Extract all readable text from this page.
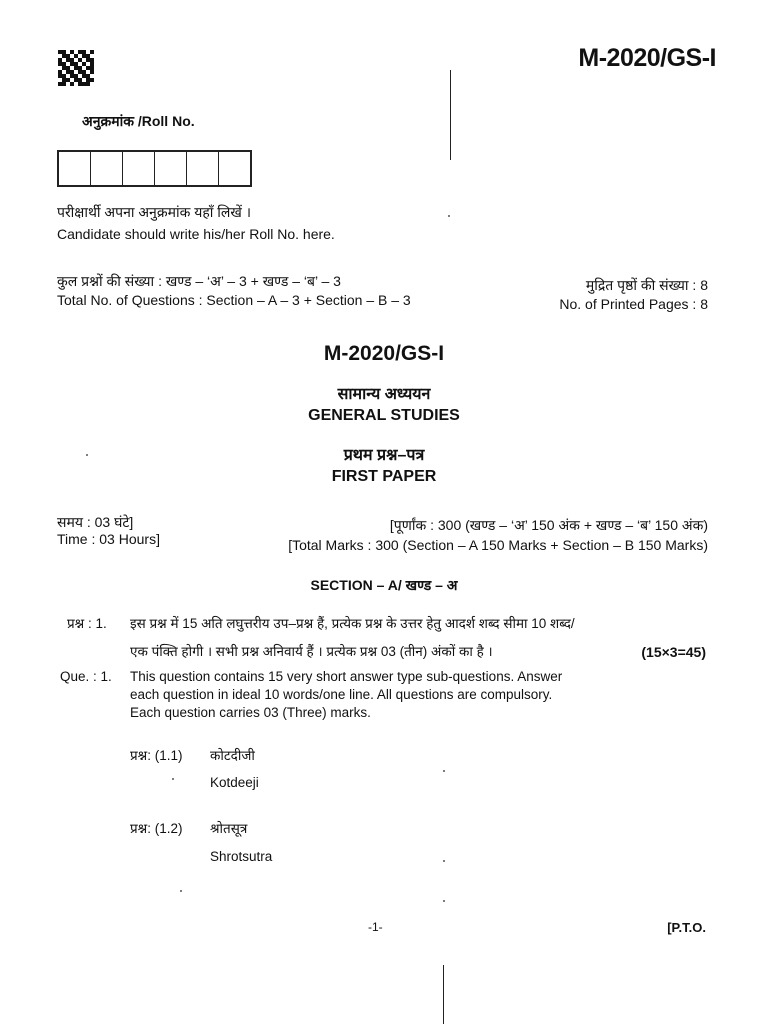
M-2020/GS-I
अनुक्रमांक /Roll No.
परीक्षार्थी अपना अनुक्रमांक यहाँ लिखें ।
Candidate should write his/her Roll No. here.
कुल प्रश्नों की संख्या : खण्ड – ‘अ’ – 3 + खण्ड – ‘ब’ – 3
Total No. of Questions : Section – A – 3 + Section – B – 3
मुद्रित पृष्ठों की संख्या : 8
No. of Printed Pages : 8
M-2020/GS-I
सामान्य अध्ययन
GENERAL STUDIES
प्रथम प्रश्न–पत्र
FIRST PAPER
समय : 03 घंटे]
Time : 03 Hours]
[पूर्णांक : 300 (खण्ड – ‘अ’ 150 अंक + खण्ड – ‘ब’ 150 अंक)
[Total Marks : 300 (Section – A 150 Marks + Section – B 150 Marks)
SECTION – A/ खण्ड – अ
प्रश्न : 1. इस प्रश्न में 15 अति लघुत्तरीय उप–प्रश्न हैं, प्रत्येक प्रश्न के उत्तर हेतु आदर्श शब्द सीमा 10 शब्द/
एक पंक्ति होगी । सभी प्रश्न अनिवार्य हैं । प्रत्येक प्रश्न 03 (तीन) अंकों का है ।	(15×3=45)
Que. : 1. This question contains 15 very short answer type sub-questions. Answer
each question in ideal 10 words/one line. All questions are compulsory.
Each question carries 03 (Three) marks.
प्रश्न: (1.1) कोटदीजी
Kotdeeji
प्रश्न: (1.2) श्रोतसूत्र
Shrotsutra
-1-	[P.T.O.
